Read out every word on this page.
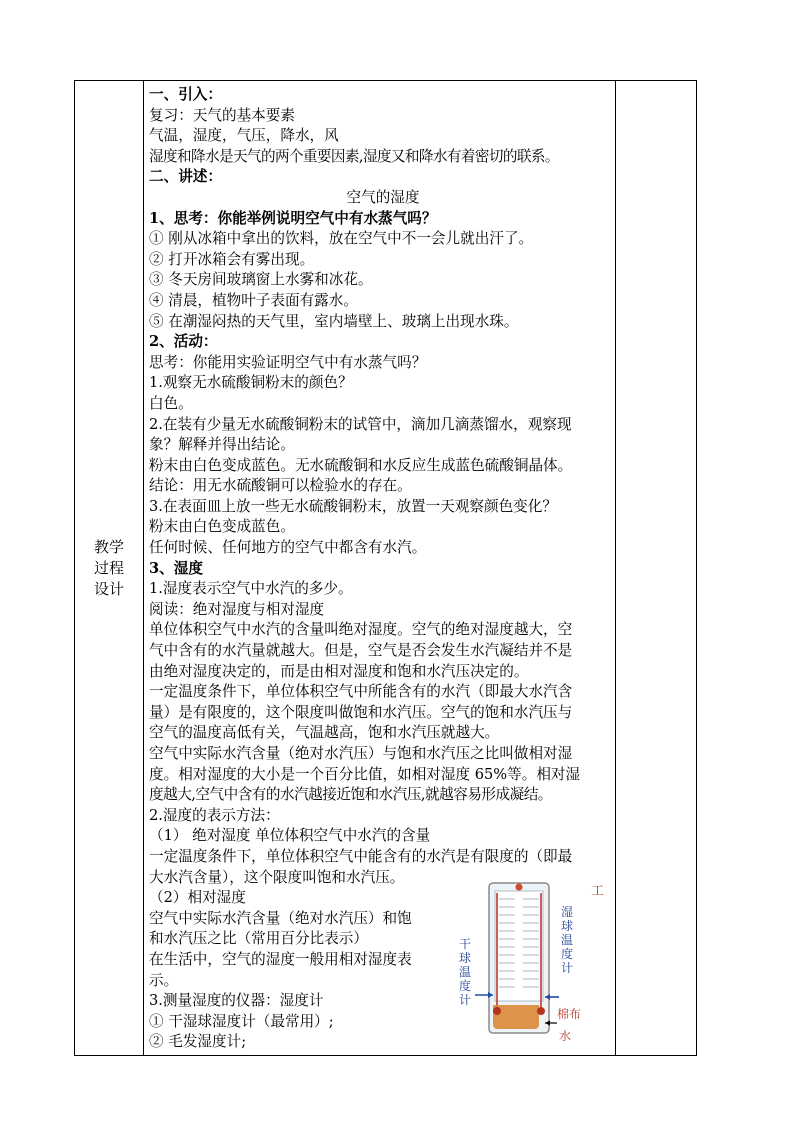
教学过程设计
一、引入：
复习：天气的基本要素
气温，湿度，气压，降水，风
湿度和降水是天气的两个重要因素,湿度又和降水有着密切的联系。
二、讲述：
空气的湿度
1、思考：你能举例说明空气中有水蒸气吗？
① 刚从冰箱中拿出的饮料，放在空气中不一会儿就出汗了。
② 打开冰箱会有雾出现。
③ 冬天房间玻璃窗上水雾和冰花。
④ 清晨，植物叶子表面有露水。
⑤ 在潮湿闷热的天气里，室内墙壁上、玻璃上出现水珠。
2、活动：
思考：你能用实验证明空气中有水蒸气吗？
1.观察无水硫酸铜粉末的颜色？
白色。
2.在装有少量无水硫酸铜粉末的试管中，滴加几滴蒸馏水，观察现
象？解释并得出结论。
粉末由白色变成蓝色。无水硫酸铜和水反应生成蓝色硫酸铜晶体。
结论：用无水硫酸铜可以检验水的存在。
3.在表面皿上放一些无水硫酸铜粉末，放置一天观察颜色变化？
粉末由白色变成蓝色。
任何时候、任何地方的空气中都含有水汽。
3、湿度
1.湿度表示空气中水汽的多少。
阅读：绝对湿度与相对湿度
单位体积空气中水汽的含量叫绝对湿度。空气的绝对湿度越大，空
气中含有的水汽量就越大。但是，空气是否会发生水汽凝结并不是
由绝对湿度决定的，而是由相对湿度和饱和水汽压决定的。
一定温度条件下，单位体积空气中所能含有的水汽（即最大水汽含
量）是有限度的，这个限度叫做饱和水汽压。空气的饱和水汽压与
空气的温度高低有关，气温越高，饱和水汽压就越大。
空气中实际水汽含量（绝对水汽压）与饱和水汽压之比叫做相对湿
度。相对湿度的大小是一个百分比值，如相对湿度 65%等。相对湿
度越大,空气中含有的水汽越接近饱和水汽压,就越容易形成凝结。
2.湿度的表示方法：
（1） 绝对湿度 单位体积空气中水汽的含量
一定温度条件下，单位体积空气中能含有的水汽是有限度的（即最
大水汽含量），这个限度叫饱和水汽压。
（2）相对湿度
空气中实际水汽含量（绝对水汽压）和饱
和水汽压之比（常用百分比表示）
在生活中，空气的湿度一般用相对湿度表
示。
3.测量湿度的仪器：湿度计
① 干湿球湿度计（最常用）;
② 毛发湿度计;
干球温度计
湿球温度计
棉布
水
工
